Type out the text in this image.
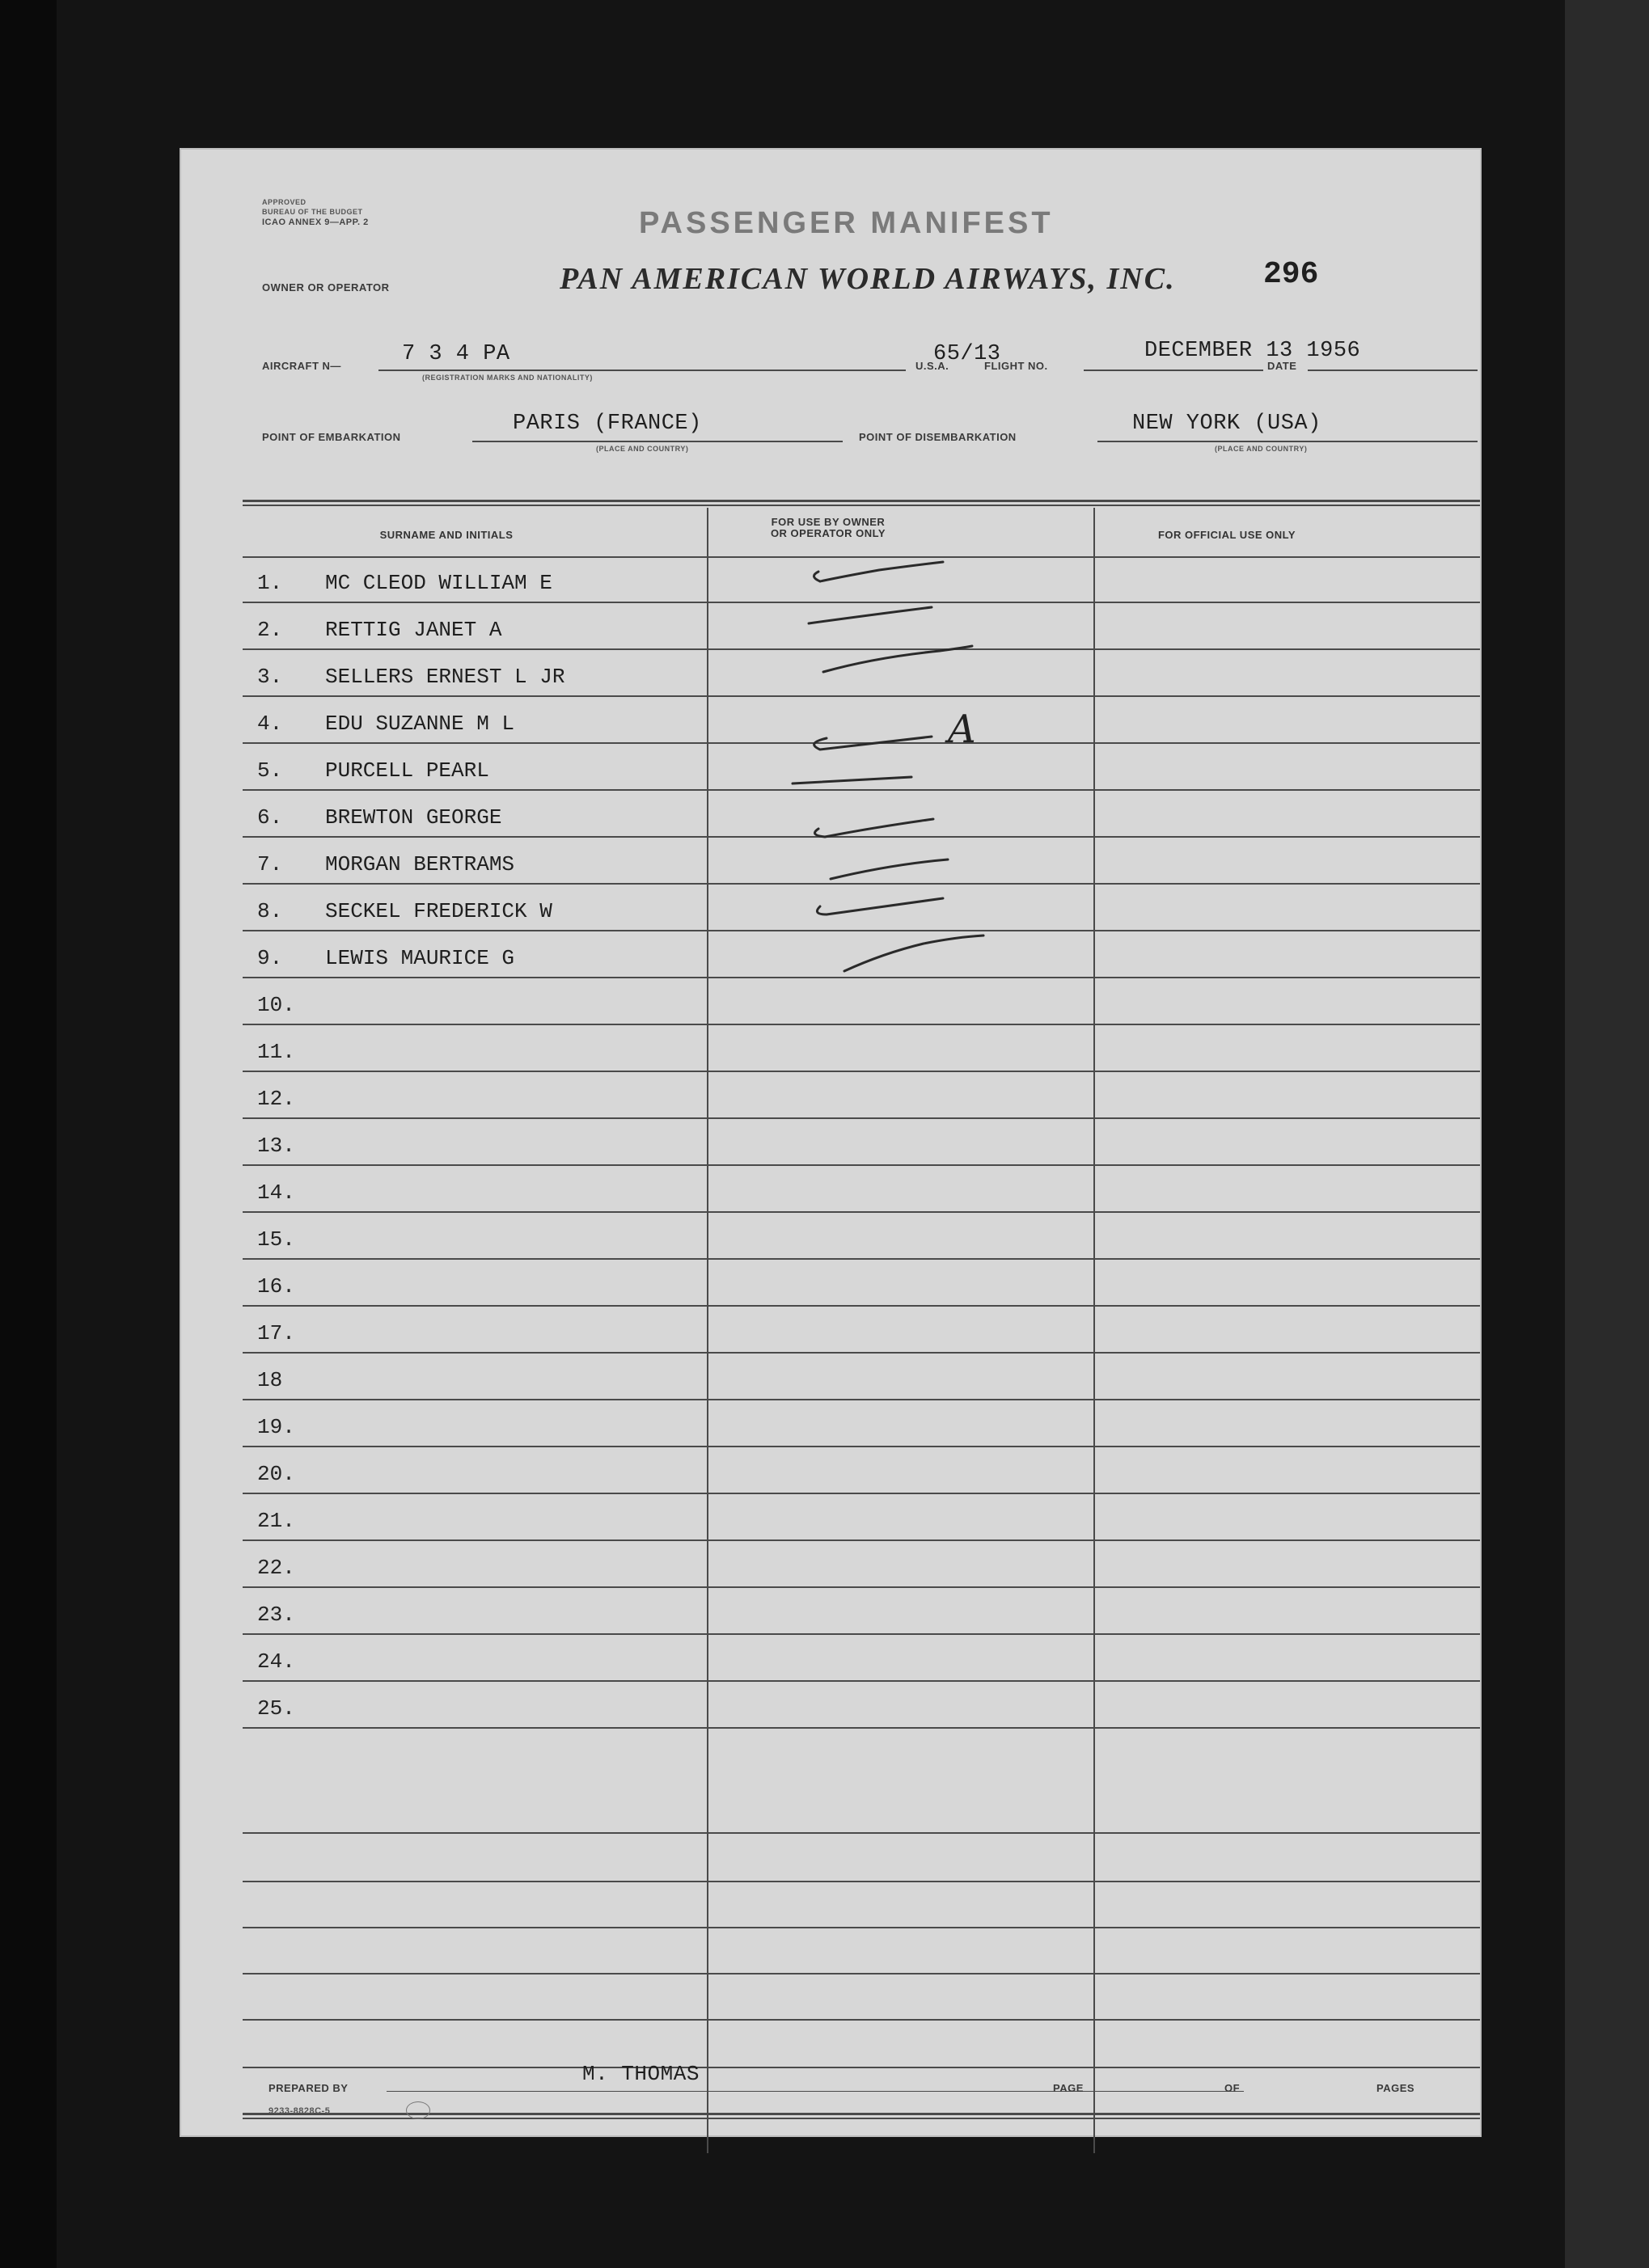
APPROVED
BUREAU OF THE BUDGET
ICAO ANNEX 9—APP. 2	PASSENGER MANIFEST
OWNER OR OPERATOR	PAN AMERICAN WORLD AIRWAYS, INC.	296
AIRCRAFT N—	7 3 4 PA
(REGISTRATION MARKS AND NATIONALITY)
U.S.A.	FLIGHT NO.
65/13	DATE
DECEMBER 13 1956
POINT OF EMBARKATION
PARIS (FRANCE)
(PLACE AND COUNTRY)
POINT OF DISEMBARKATION
NEW YORK (USA)
(PLACE AND COUNTRY)
SURNAME AND INITIALS
FOR USE BY OWNER
OR OPERATOR ONLY	FOR OFFICIAL USE ONLY
1. MC CLEOD WILLIAM E
2. RETTIG JANET A
3. SELLERS ERNEST L JR
4. EDU SUZANNE M L
5. PURCELL PEARL
6. BREWTON GEORGE
7. MORGAN BERTRAMS
8. SECKEL FREDERICK W
9. LEWIS MAURICE G
10.
11.
12.
13.
14.
15.
16.
17.
18
19.
20.
21.
22.
23.
24.
25.
A
PREPARED BY
M. THOMAS
PAGE	OF	PAGES
9233-8828C-5
